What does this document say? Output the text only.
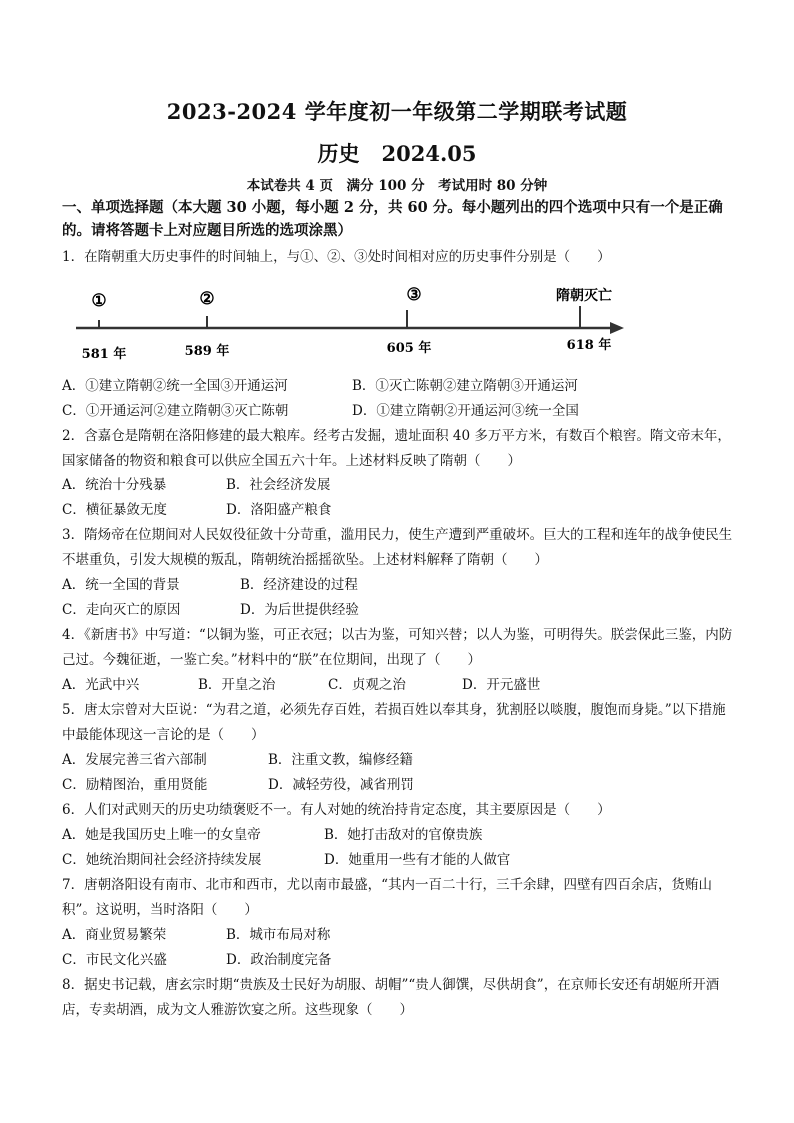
2023-2024 学年度初一年级第二学期联考试题
历史 2024.05
本试卷共 4 页　满分 100 分　考试用时 80 分钟
一、单项选择题（本大题 30 小题，每小题 2 分，共 60 分。每小题列出的四个选项中只有一个是正确的。请将答题卡上对应题目所选的选项涂黑）
1．在隋朝重大历史事件的时间轴上，与①、②、③处时间相对应的历史事件分别是（　　）
①	②	③	隋朝灭亡
581 年	589 年	605 年	618 年
A．①建立隋朝②统一全国③开通运河	B．①灭亡陈朝②建立隋朝③开通运河
C．①开通运河②建立隋朝③灭亡陈朝	D．①建立隋朝②开通运河③统一全国
2．含嘉仓是隋朝在洛阳修建的最大粮库。经考古发掘，遗址面积 40 多万平方米，有数百个粮窖。隋文帝末年，国家储备的物资和粮食可以供应全国五六十年。上述材料反映了隋朝（　　）
A．统治十分残暴	B．社会经济发展
C．横征暴敛无度	D．洛阳盛产粮食
3．隋炀帝在位期间对人民奴役征敛十分苛重，滥用民力，使生产遭到严重破坏。巨大的工程和连年的战争使民生不堪重负，引发大规模的叛乱，隋朝统治摇摇欲坠。上述材料解释了隋朝（　　）
A．统一全国的背景	B．经济建设的过程
C．走向灭亡的原因	D．为后世提供经验
4．《新唐书》中写道：“以铜为鉴，可正衣冠；以古为鉴，可知兴替；以人为鉴，可明得失。朕尝保此三鉴，内防己过。今魏征逝，一鉴亡矣。”材料中的“朕”在位期间，出现了（　　）
A．光武中兴	B．开皇之治	C．贞观之治	D．开元盛世
5．唐太宗曾对大臣说：“为君之道，必须先存百姓，若损百姓以奉其身，犹割胫以啖腹，腹饱而身毙。”以下措施中最能体现这一言论的是（　　）
A．发展完善三省六部制	B．注重文教，编修经籍
C．励精图治，重用贤能	D．减轻劳役，减省刑罚
6．人们对武则天的历史功绩褒贬不一。有人对她的统治持肯定态度，其主要原因是（　　）
A．她是我国历史上唯一的女皇帝	B．她打击敌对的官僚贵族
C．她统治期间社会经济持续发展	D．她重用一些有才能的人做官
7．唐朝洛阳设有南市、北市和西市，尤以南市最盛，“其内一百二十行，三千余肆，四壁有四百余店，货贿山积”。这说明，当时洛阳（　　）
A．商业贸易繁荣	B．城市布局对称
C．市民文化兴盛	D．政治制度完备
8．据史书记载，唐玄宗时期“贵族及士民好为胡服、胡帽”“贵人御馔，尽供胡食”，在京师长安还有胡姬所开酒店，专卖胡酒，成为文人雅游饮宴之所。这些现象（　　）
